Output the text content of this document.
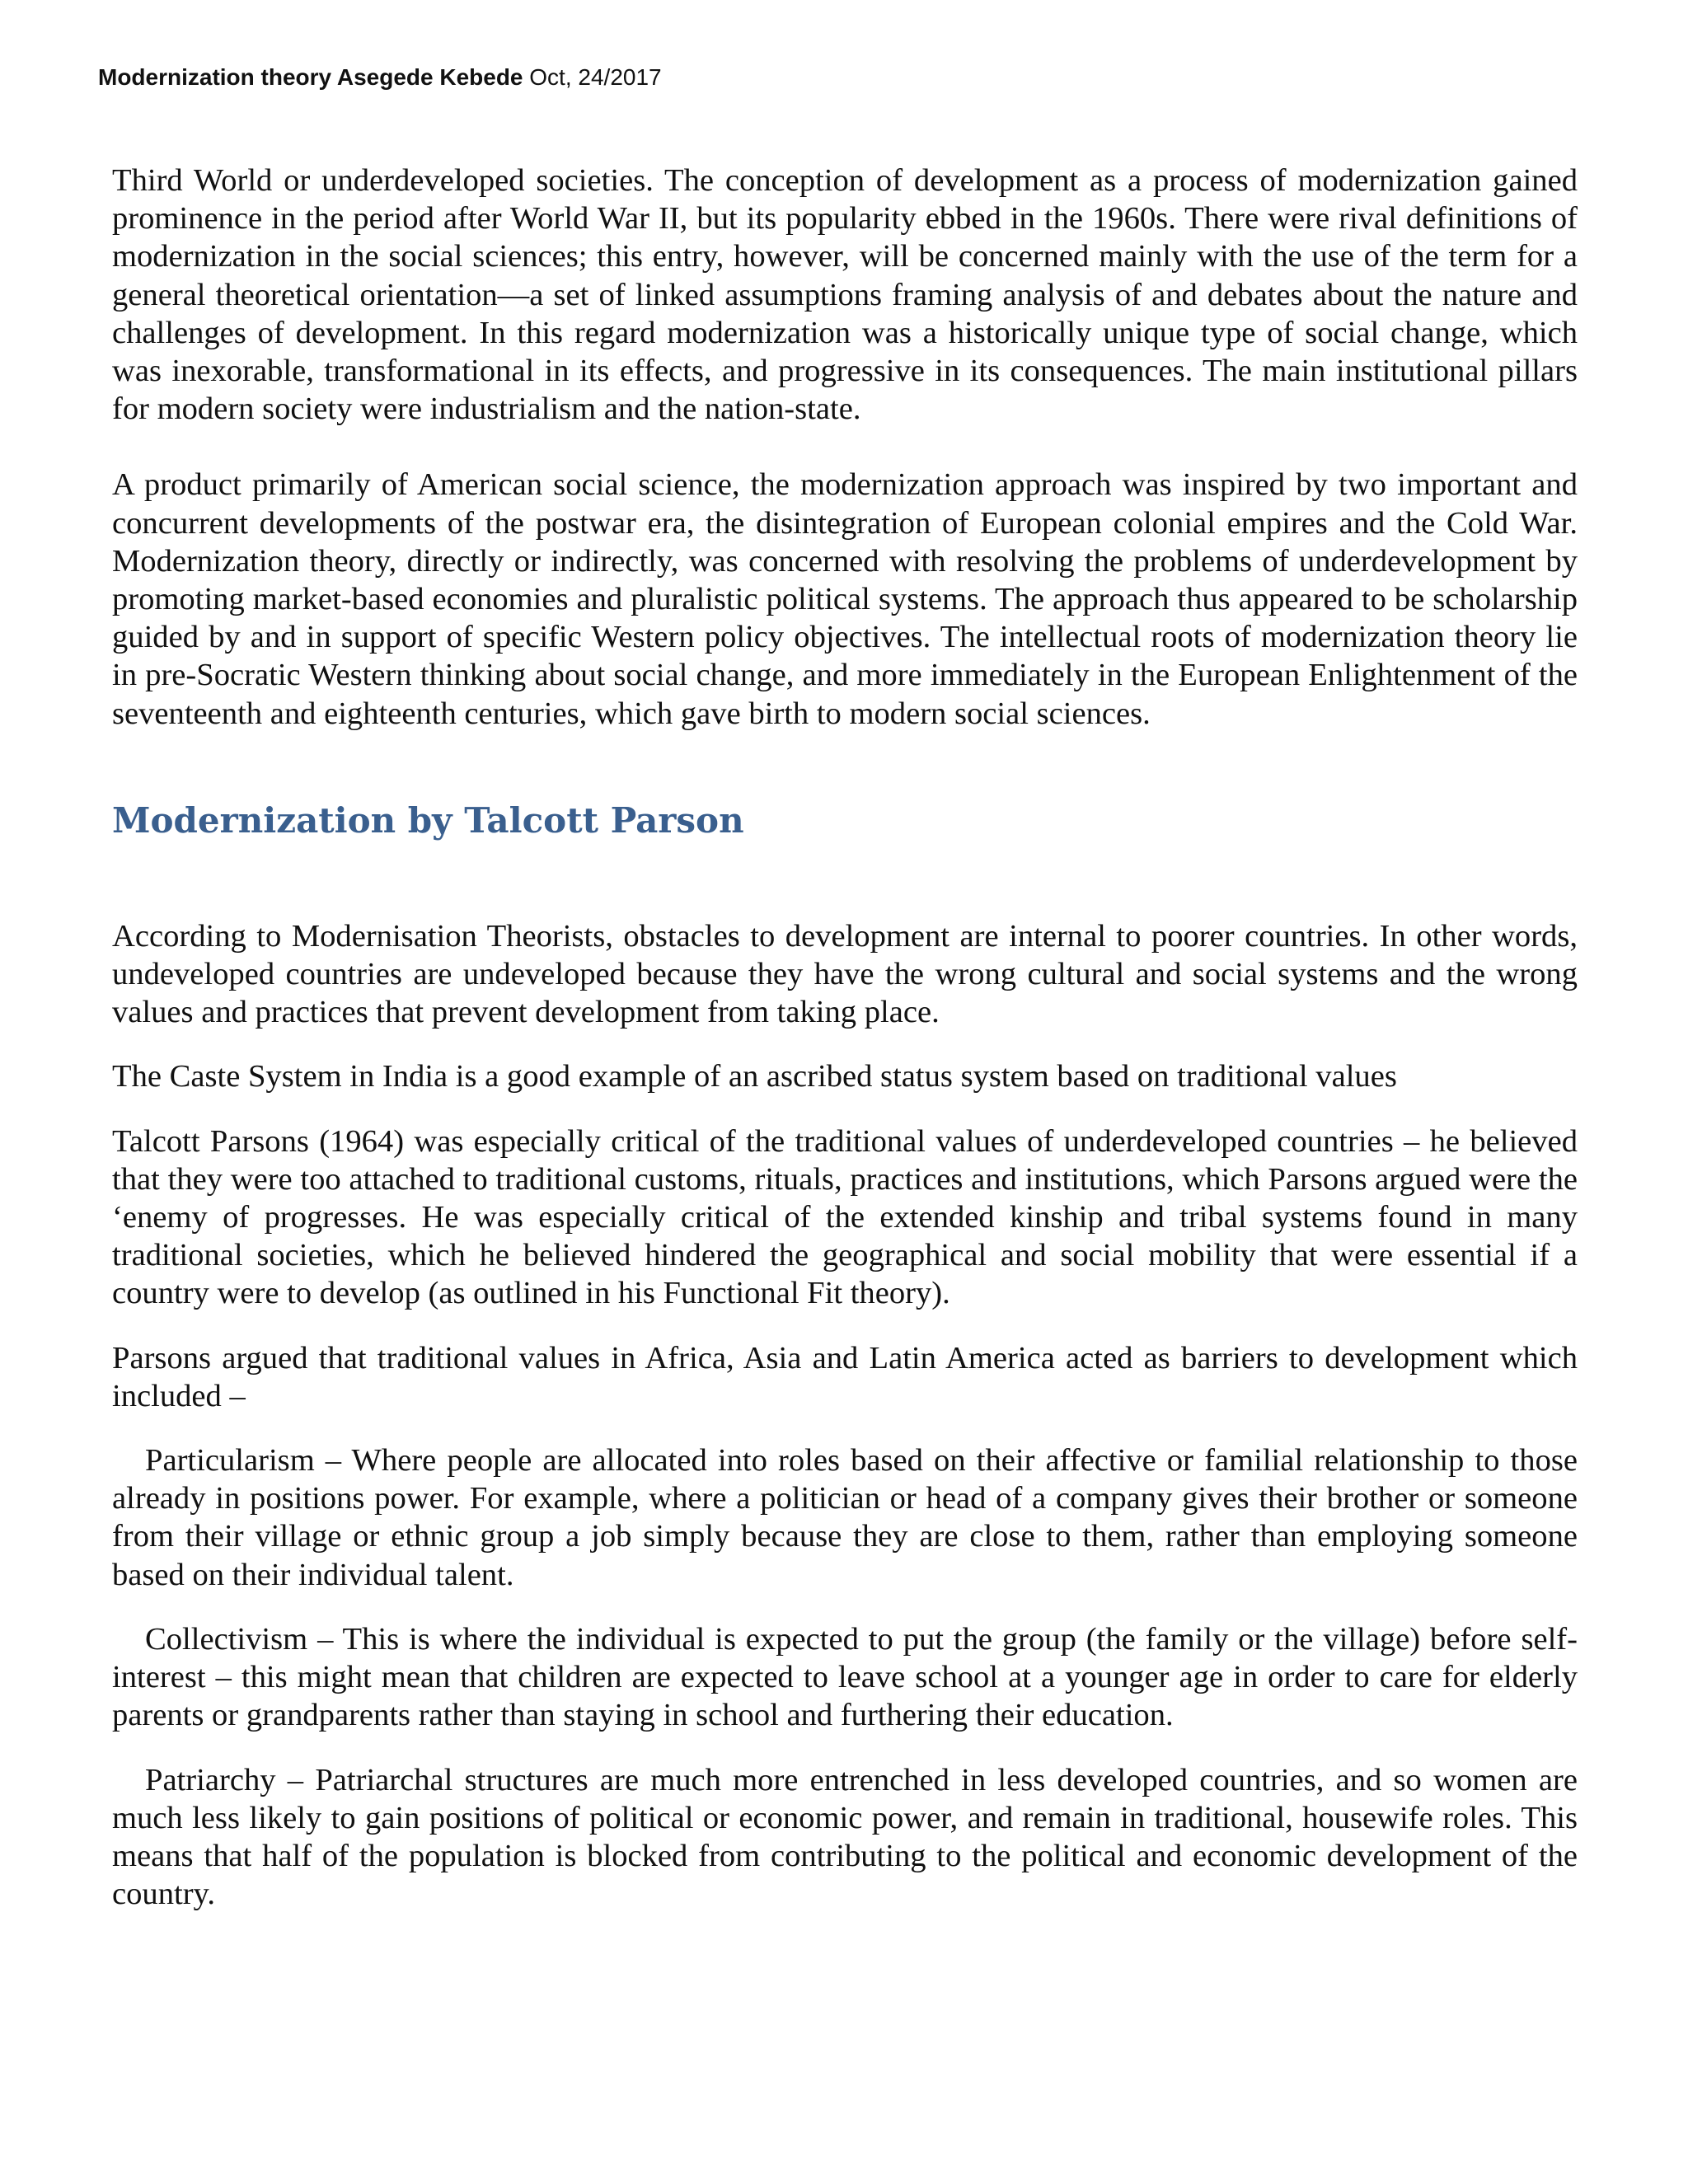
Modernization theory Asegede Kebede Oct, 24/2017

Third World or underdeveloped societies. The conception of development as a process of modernization gained prominence in the period after World War II, but its popularity ebbed in the 1960s. There were rival definitions of modernization in the social sciences; this entry, however, will be concerned mainly with the use of the term for a general theoretical orientation—a set of linked assumptions framing analysis of and debates about the nature and challenges of development. In this regard modernization was a historically unique type of social change, which was inexorable, transformational in its effects, and progressive in its consequences. The main institutional pillars for modern society were industrialism and the nation-state.

A product primarily of American social science, the modernization approach was inspired by two important and concurrent developments of the postwar era, the disintegration of European colonial empires and the Cold War. Modernization theory, directly or indirectly, was concerned with resolving the problems of underdevelopment by promoting market-based economies and pluralistic political systems. The approach thus appeared to be scholarship guided by and in support of specific Western policy objectives. The intellectual roots of modernization theory lie in pre-Socratic Western thinking about social change, and more immediately in the European Enlightenment of the seventeenth and eighteenth centuries, which gave birth to modern social sciences.

Modernization by Talcott Parson

According to Modernisation Theorists, obstacles to development are internal to poorer countries. In other words, undeveloped countries are undeveloped because they have the wrong cultural and social systems and the wrong values and practices that prevent development from taking place.

The Caste System in India is a good example of an ascribed status system based on traditional values

Talcott Parsons (1964) was especially critical of the traditional values of underdeveloped countries – he believed that they were too attached to traditional customs, rituals, practices and institutions, which Parsons argued were the ‘enemy of progresses. He was especially critical of the extended kinship and tribal systems found in many traditional societies, which he believed hindered the geographical and social mobility that were essential if a country were to develop (as outlined in his Functional Fit theory).

Parsons argued that traditional values in Africa, Asia and Latin America acted as barriers to development which included –

Particularism – Where people are allocated into roles based on their affective or familial relationship to those already in positions power. For example, where a politician or head of a company gives their brother or someone from their village or ethnic group a job simply because they are close to them, rather than employing someone based on their individual talent.

Collectivism – This is where the individual is expected to put the group (the family or the village) before self-interest – this might mean that children are expected to leave school at a younger age in order to care for elderly parents or grandparents rather than staying in school and furthering their education.

Patriarchy – Patriarchal structures are much more entrenched in less developed countries, and so women are much less likely to gain positions of political or economic power, and remain in traditional, housewife roles. This means that half of the population is blocked from contributing to the political and economic development of the country.
